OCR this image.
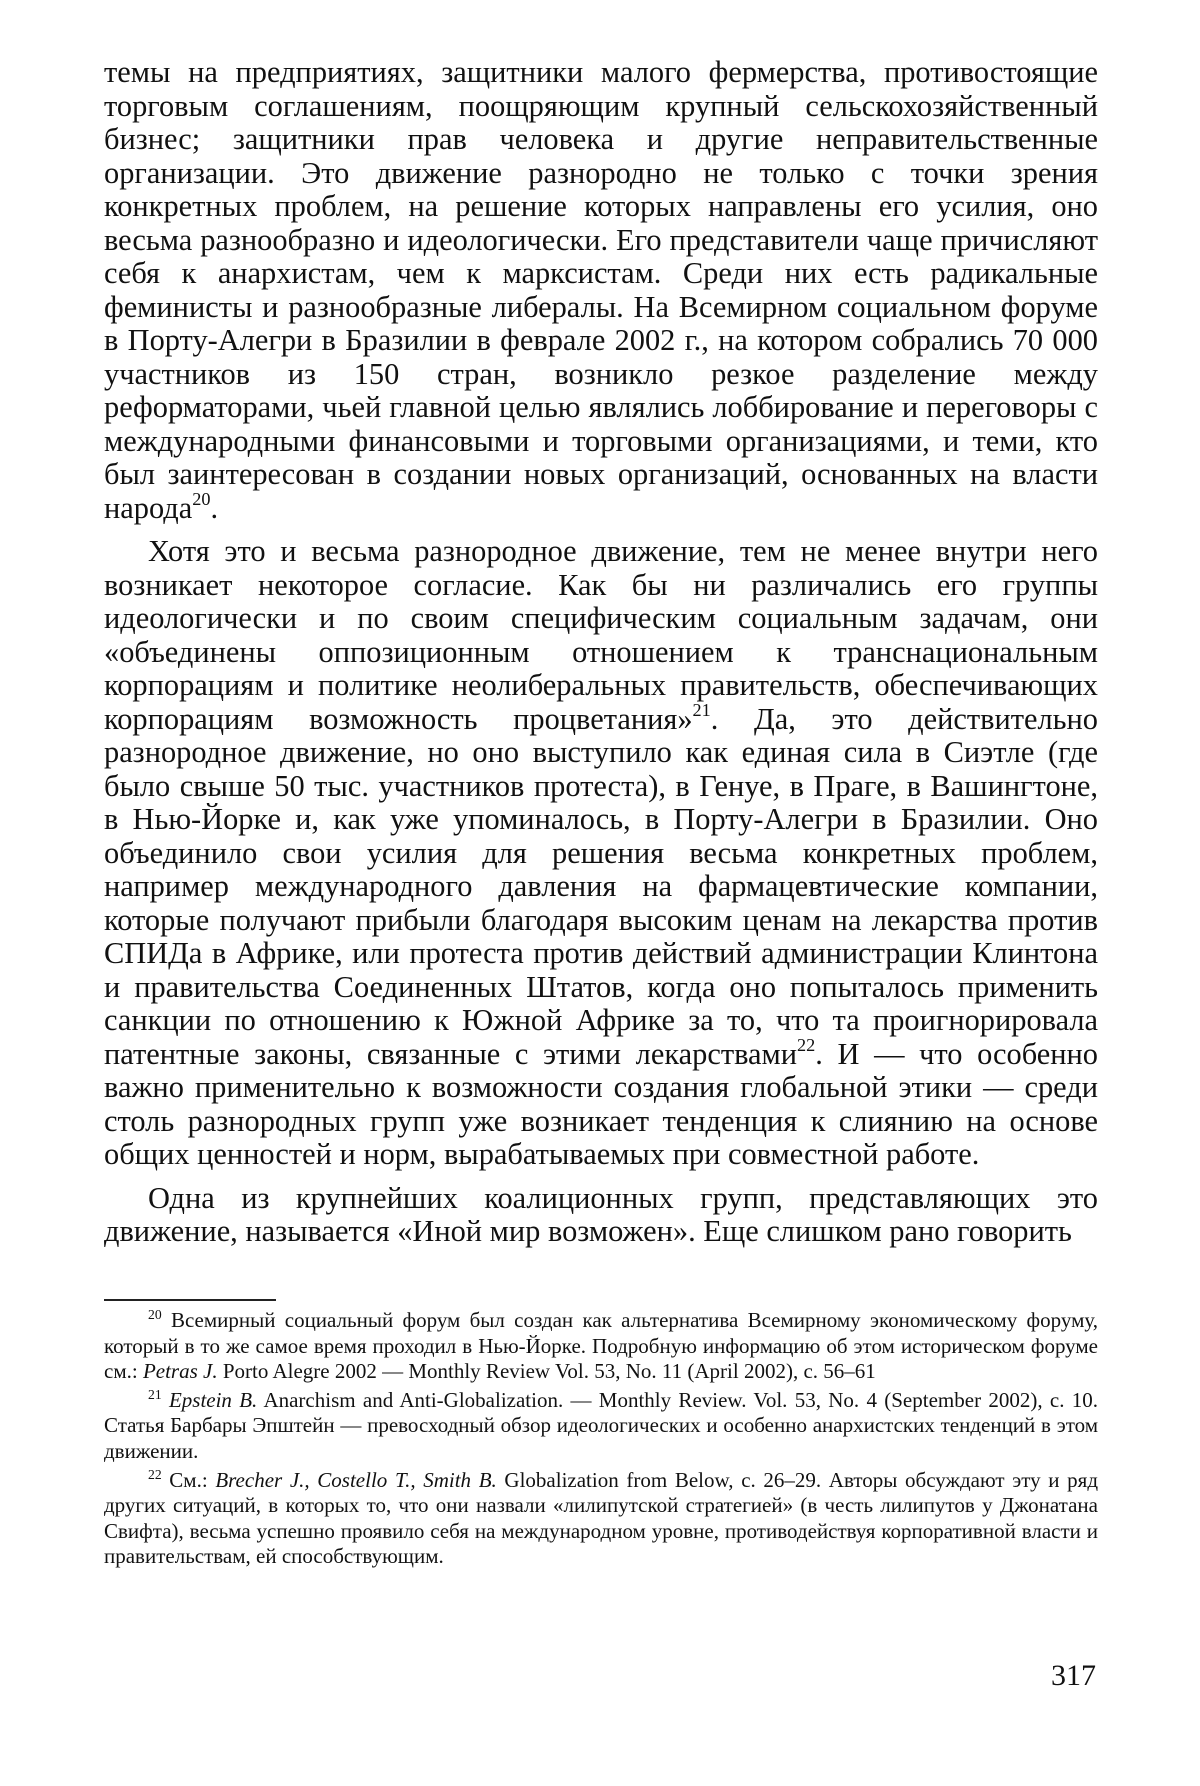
темы на предприятиях, защитники малого фермерства, противостоящие торговым соглашениям, поощряющим крупный сельскохозяйственный бизнес; защитники прав человека и другие неправительственные организации. Это движение разнородно не только с точки зрения конкретных проблем, на решение которых направлены его усилия, оно весьма разнообразно и идеологически. Его представители чаще причисляют себя к анархистам, чем к марксистам. Среди них есть радикальные феминисты и разнообразные либералы. На Всемирном социальном форуме в Порту-Алегри в Бразилии в феврале 2002 г., на котором собрались 70 000 участников из 150 стран, возникло резкое разделение между реформаторами, чьей главной целью являлись лоббирование и переговоры с международными финансовыми и торговыми организациями, и теми, кто был заинтересован в создании новых организаций, основанных на власти народа$^{20}$.

Хотя это и весьма разнородное движение, тем не менее внутри него возникает некоторое согласие. Как бы ни различались его группы идеологически и по своим специфическим социальным задачам, они «объединены оппозиционным отношением к транснациональным корпорациям и политике неолиберальных правительств, обеспечивающих корпорациям возможность процветания»$^{21}$. Да, это действительно разнородное движение, но оно выступило как единая сила в Сиэтле (где было свыше 50 тыс. участников протеста), в Генуе, в Праге, в Вашингтоне, в Нью-Йорке и, как уже упоминалось, в Порту-Алегри в Бразилии. Оно объединило свои усилия для решения весьма конкретных проблем, например международного давления на фармацевтические компании, которые получают прибыли благодаря высоким ценам на лекарства против СПИДа в Африке, или протеста против действий администрации Клинтона и правительства Соединенных Штатов, когда оно попыталось применить санкции по отношению к Южной Африке за то, что та проигнорировала патентные законы, связанные с этими лекарствами$^{22}$. И — что особенно важно применительно к возможности создания глобальной этики — среди столь разнородных групп уже возникает тенденция к слиянию на основе общих ценностей и норм, вырабатываемых при совместной работе.

Одна из крупнейших коалиционных групп, представляющих это движение, называется «Иной мир возможен». Еще слишком рано говорить

$^{20}$ Всемирный социальный форум был создан как альтернатива Всемирному экономическому форуму, который в то же самое время проходил в Нью-Йорке. Подробную информацию об этом историческом форуме см.: Petras J. Porto Alegre 2002 — Monthly Review Vol. 53, No. 11 (April 2002), с. 56–61

$^{21}$ Epstein B. Anarchism and Anti-Globalization. — Monthly Review. Vol. 53, No. 4 (September 2002), с. 10. Статья Барбары Эпштейн — превосходный обзор идеологических и особенно анархистских тенденций в этом движении.

$^{22}$ См.: Brecher J., Costello T., Smith B. Globalization from Below, с. 26–29. Авторы обсуждают эту и ряд других ситуаций, в которых то, что они назвали «лилипутской стратегией» (в честь лилипутов у Джонатана Свифта), весьма успешно проявило себя на международном уровне, противодействуя корпоративной власти и правительствам, ей способствующим.

317
